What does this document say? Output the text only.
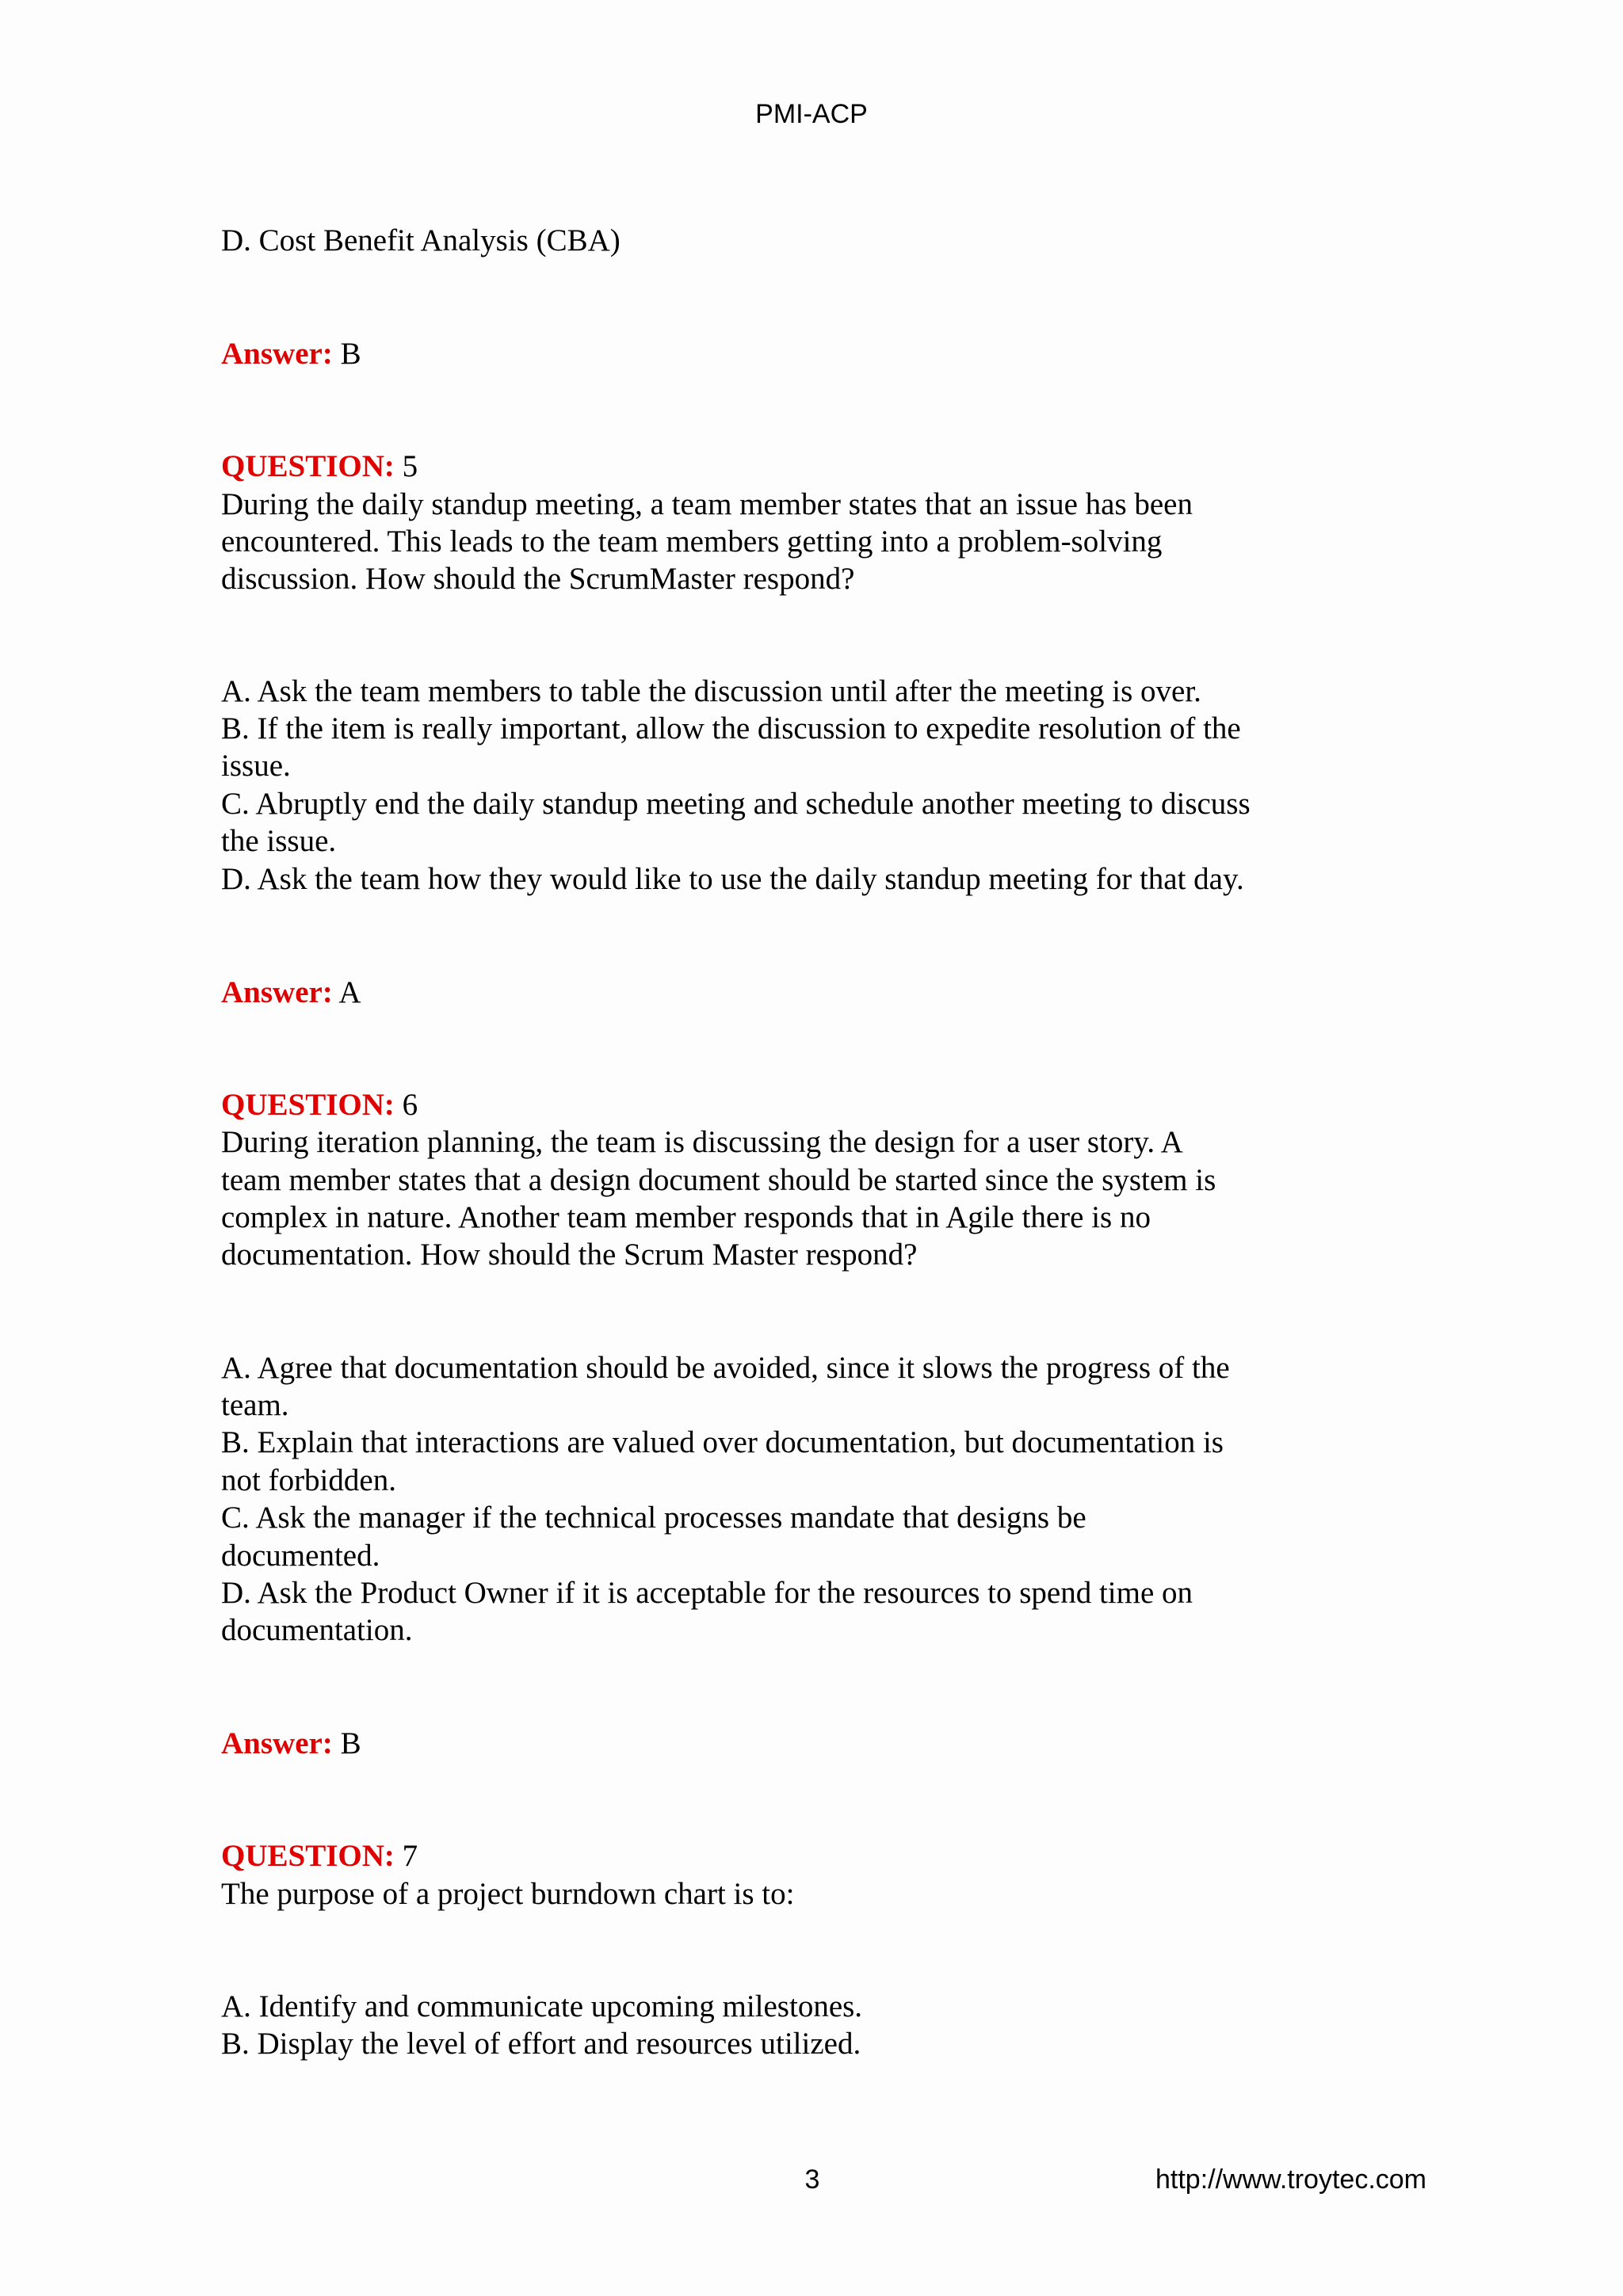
PMI-ACP
D. Cost Benefit Analysis (CBA)
Answer: B
QUESTION: 5
During the daily standup meeting, a team member states that an issue has been
encountered. This leads to the team members getting into a problem-solving
discussion. How should the ScrumMaster respond?
A. Ask the team members to table the discussion until after the meeting is over.
B. If the item is really important, allow the discussion to expedite resolution of the
issue.
C. Abruptly end the daily standup meeting and schedule another meeting to discuss
the issue.
D. Ask the team how they would like to use the daily standup meeting for that day.
Answer: A
QUESTION: 6
During iteration planning, the team is discussing the design for a user story. A
team member states that a design document should be started since the system is
complex in nature. Another team member responds that in Agile there is no
documentation. How should the Scrum Master respond?
A. Agree that documentation should be avoided, since it slows the progress of the
team.
B. Explain that interactions are valued over documentation, but documentation is
not forbidden.
C. Ask the manager if the technical processes mandate that designs be
documented.
D. Ask the Product Owner if it is acceptable for the resources to spend time on
documentation.
Answer: B
QUESTION: 7
The purpose of a project burndown chart is to:
A. Identify and communicate upcoming milestones.
B. Display the level of effort and resources utilized.
3	http://www.troytec.com
